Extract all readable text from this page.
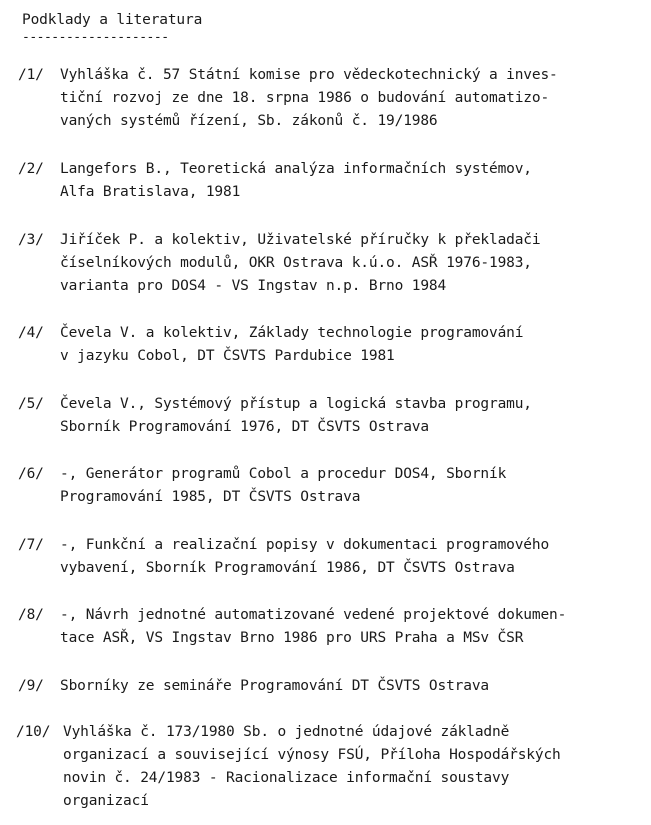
Podklady a literatura
--------------------
/1/ Vyhláška č. 57 Státní komise pro vědeckotechnický a inves-
tiční rozvoj ze dne 18. srpna 1986 o budování automatizo-
vaných systémů řízení, Sb. zákonů č. 19/1986
/2/ Langefors B., Teoretická analýza informačních systémov,
Alfa Bratislava, 1981
/3/ Jiříček P. a kolektiv, Uživatelské příručky k překladači
číselníkových modulů, OKR Ostrava k.ú.o. ASŘ 1976-1983,
varianta pro DOS4 - VS Ingstav n.p. Brno 1984
/4/ Čevela V. a kolektiv, Základy technologie programování
v jazyku Cobol, DT ČSVTS Pardubice 1981
/5/ Čevela V., Systémový přístup a logická stavba programu,
Sborník Programování 1976, DT ČSVTS Ostrava
/6/ -, Generátor programů Cobol a procedur DOS4, Sborník
Programování 1985, DT ČSVTS Ostrava
/7/ -, Funkční a realizační popisy v dokumentaci programového
vybavení, Sborník Programování 1986, DT ČSVTS Ostrava
/8/ -, Návrh jednotné automatizované vedené projektové dokumen-
tace ASŘ, VS Ingstav Brno 1986 pro URS Praha a MSv ČSR
/9/ Sborníky ze semináře Programování DT ČSVTS Ostrava
/10/ Vyhláška č. 173/1980 Sb. o jednotné údajové základně
organizací a související výnosy FSÚ, Příloha Hospodářských
novin č. 24/1983 - Racionalizace informační soustavy
organizací
